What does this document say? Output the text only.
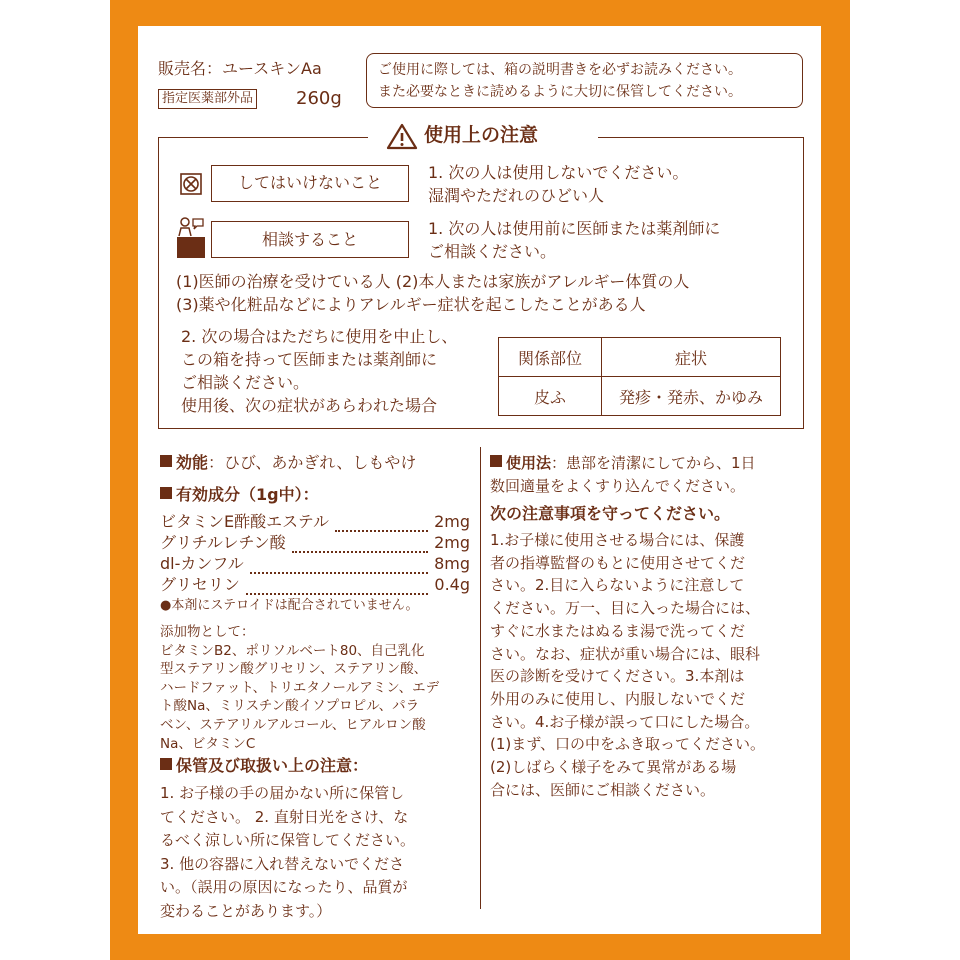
販売名：ユースキンAa
指定医薬部外品 260g
ご使用に際しては、箱の説明書きを必ずお読みください。
また必要なときに読めるように大切に保管してください。
使用上の注意
してはいけないこと
1. 次の人は使用しないでください。
湿潤やただれのひどい人
相談すること
1. 次の人は使用前に医師または薬剤師に
ご相談ください。
(1)医師の治療を受けている人 (2)本人または家族がアレルギー体質の人
(3)薬や化粧品などによりアレルギー症状を起こしたことがある人
2. 次の場合はただちに使用を中止し、
この箱を持って医師または薬剤師に
ご相談ください。
使用後、次の症状があらわれた場合
関係部位	症状
皮ふ	発疹・発赤、かゆみ
効能：ひび、あかぎれ、しもやけ
有効成分（1g中）：
ビタミンE酢酸エステル	2mg
グリチルレチン酸	2mg
dl-カンフル	8mg
グリセリン	0.4g
●本剤にステロイドは配合されていません。
添加物として：
ビタミンB2、ポリソルベート80、自己乳化
型ステアリン酸グリセリン、ステアリン酸、
ハードファット、トリエタノールアミン、エデ
ト酸Na、ミリスチン酸イソプロピル、パラ
ベン、ステアリルアルコール、ヒアルロン酸
Na、ビタミンC
保管及び取扱い上の注意：
1. お子様の手の届かない所に保管し
てください。 2. 直射日光をさけ、な
るべく涼しい所に保管してください。
3. 他の容器に入れ替えないでくださ
い。（誤用の原因になったり、品質が
変わることがあります。）
使用法：患部を清潔にしてから、1日
数回適量をよくすり込んでください。
次の注意事項を守ってください。
1.お子様に使用させる場合には、保護
者の指導監督のもとに使用させてくだ
さい。2.目に入らないように注意して
ください。万一、目に入った場合には、
すぐに水またはぬるま湯で洗ってくだ
さい。なお、症状が重い場合には、眼科
医の診断を受けてください。3.本剤は
外用のみに使用し、内服しないでくだ
さい。4.お子様が誤って口にした場合。
(1)まず、口の中をふき取ってください。
(2)しばらく様子をみて異常がある場
合には、医師にご相談ください。
